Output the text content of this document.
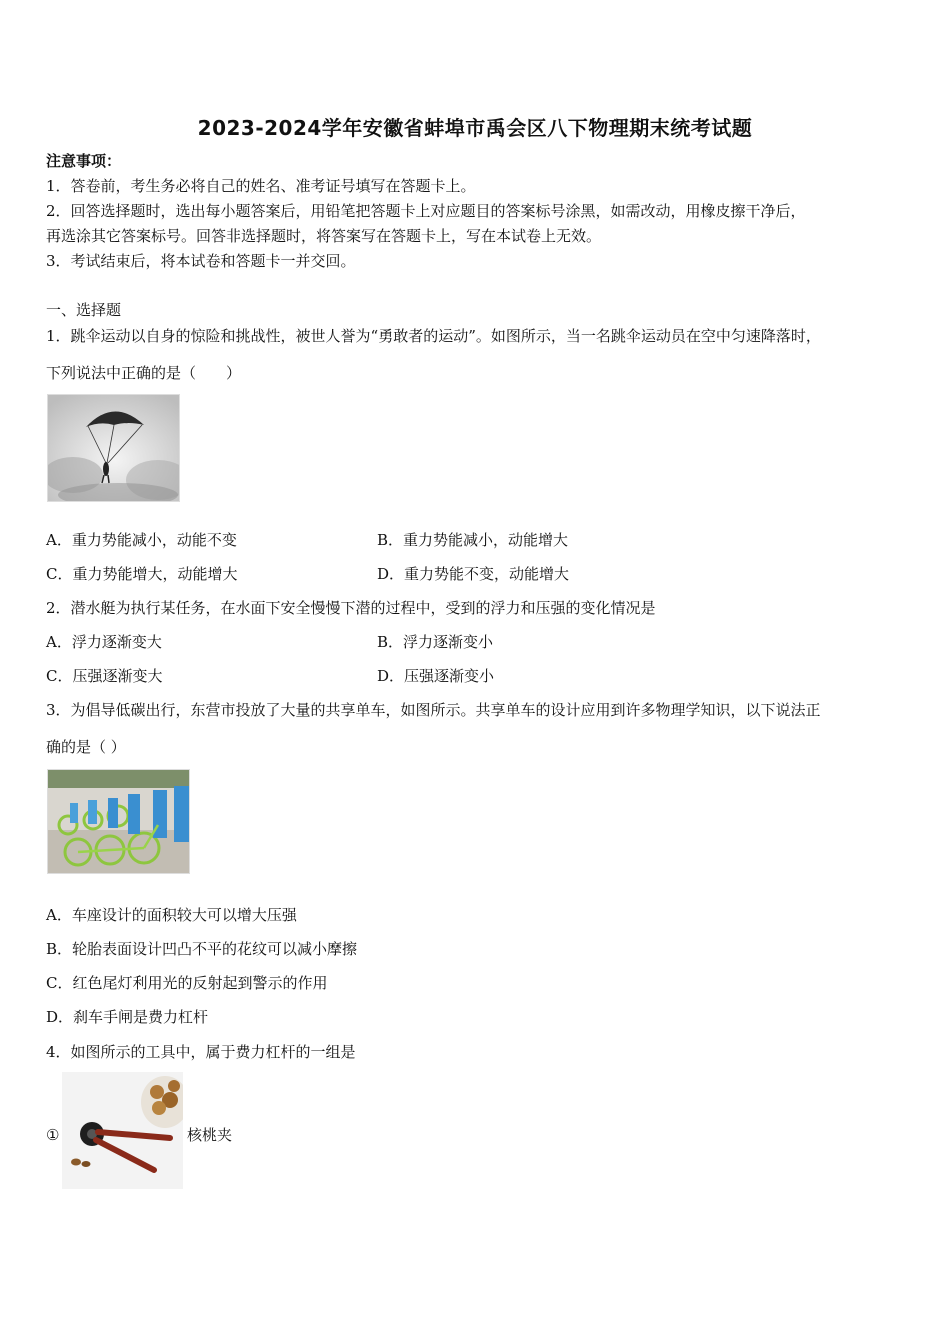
2023-2024学年安徽省蚌埠市禹会区八下物理期末统考试题
注意事项：
1．答卷前，考生务必将自己的姓名、准考证号填写在答题卡上。
2．回答选择题时，选出每小题答案后，用铅笔把答题卡上对应题目的答案标号涂黑，如需改动，用橡皮擦干净后，
再选涂其它答案标号。回答非选择题时，将答案写在答题卡上，写在本试卷上无效。
3．考试结束后，将本试卷和答题卡一并交回。
一、选择题
1．跳伞运动以自身的惊险和挑战性，被世人誉为“勇敢者的运动”。如图所示，当一名跳伞运动员在空中匀速降落时，
下列说法中正确的是（　　）
A．重力势能减小，动能不变	B．重力势能减小，动能增大
C．重力势能增大，动能增大	D．重力势能不变，动能增大
2．潜水艇为执行某任务，在水面下安全慢慢下潜的过程中，受到的浮力和压强的变化情况是
A．浮力逐渐变大	B．浮力逐渐变小
C．压强逐渐变大	D．压强逐渐变小
3．为倡导低碳出行，东营市投放了大量的共享单车，如图所示。共享单车的设计应用到许多物理学知识，以下说法正
确的是（ ）
A．车座设计的面积较大可以增大压强
B．轮胎表面设计凹凸不平的花纹可以减小摩擦
C．红色尾灯利用光的反射起到警示的作用
D．刹车手闸是费力杠杆
4．如图所示的工具中，属于费力杠杆的一组是
①	核桃夹
